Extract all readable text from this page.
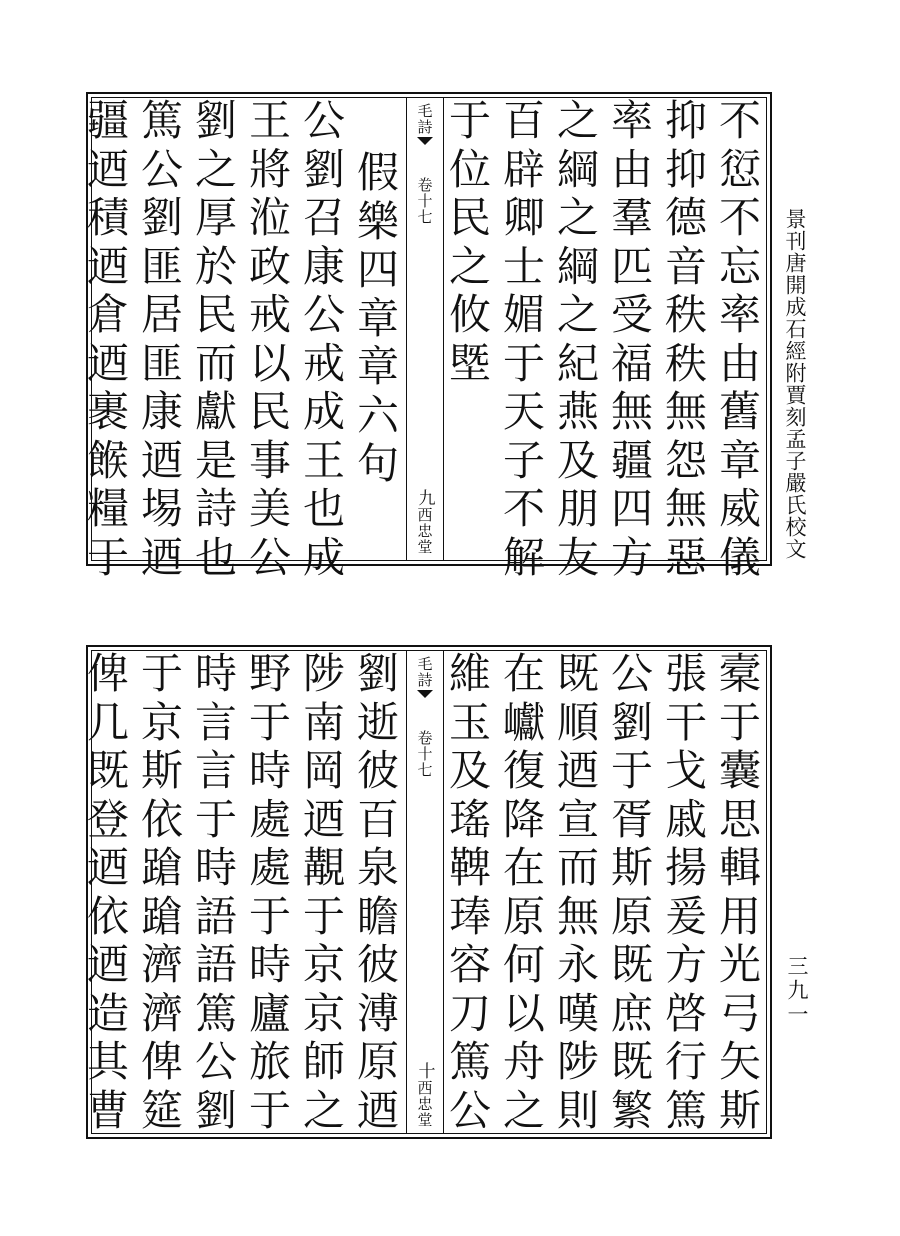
景刊唐開成石經附賈刻孟子嚴氏校文
三九一
不
愆
不
忘
率
由
舊
章
威
儀
抑
抑
德
音
秩
秩
無
怨
無
惡
率
由
羣
匹
受
福
無
疆
四
方
之
綱
之
綱
之
紀
燕
及
朋
友
百
辟
卿
士
媚
于
天
子
不
解
于
位
民
之
攸
塈
毛詩
卷十七
九
西忠堂
假
樂
四
章
章
六
句
公
劉
召
康
公
戒
成
王
也
成
王
將
涖
政
戒
以
民
事
美
公
劉
之
厚
於
民
而
獻
是
詩
也
篤
公
劉
匪
居
匪
康
迺
埸
迺
疆
迺
積
迺
倉
迺
裹
餱
糧
于
槖
于
囊
思
輯
用
光
弓
矢
斯
張
干
戈
戚
揚
爰
方
啓
行
篤
公
劉
于
胥
斯
原
既
庶
既
繁
既
順
迺
宣
而
無
永
嘆
陟
則
在
巘
復
降
在
原
何
以
舟
之
維
玉
及
瑤
鞞
琫
容
刀
篤
公
毛詩
卷十七
十
西忠堂
劉
逝
彼
百
泉
瞻
彼
溥
原
迺
陟
南
岡
迺
覯
于
京
京
師
之
野
于
時
處
處
于
時
廬
旅
于
時
言
言
于
時
語
語
篤
公
劉
于
京
斯
依
蹌
蹌
濟
濟
俾
筵
俾
几
既
登
迺
依
迺
造
其
曹
